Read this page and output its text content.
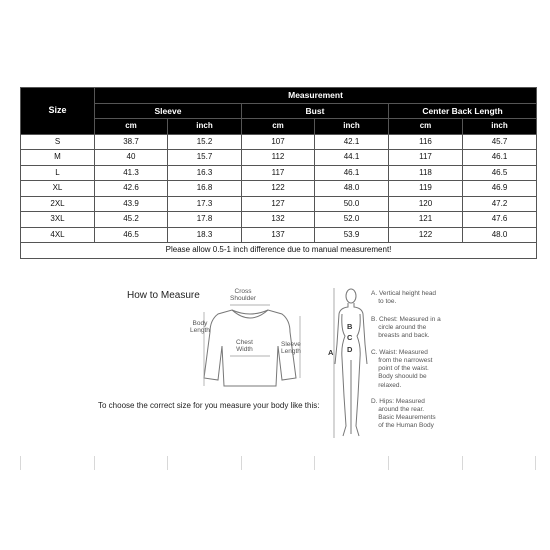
Size	Measurement					
	Sleeve		Bust		Center Back Length	
	cm	inch	cm	inch	cm	inch
S	38.7	15.2	107	42.1	116	45.7
M	40	15.7	112	44.1	117	46.1
L	41.3	16.3	117	46.1	118	46.5
XL	42.6	16.8	122	48.0	119	46.9
2XL	43.9	17.3	127	50.0	120	47.2
3XL	45.2	17.8	132	52.0	121	47.6
4XL	46.5	18.3	137	53.9	122	48.0
Please allow 0.5-1 inch difference due to manual measurement!						
How to Measure	Cross
Shoulder
Body
Length
Chest
Width
Sleeve
Length
To choose the correct size for you measure your body like this:
A
B
C
D
A. Vertical height head
to toe.
B. Chest: Measured in a
circle around the
breasts and back.
C. Waist: Measured
from the narrowest
point of the waist.
Body shoould be
relaxed.
D. Hips: Measured
around the rear.
Basic Meaurements
of the Human Body
